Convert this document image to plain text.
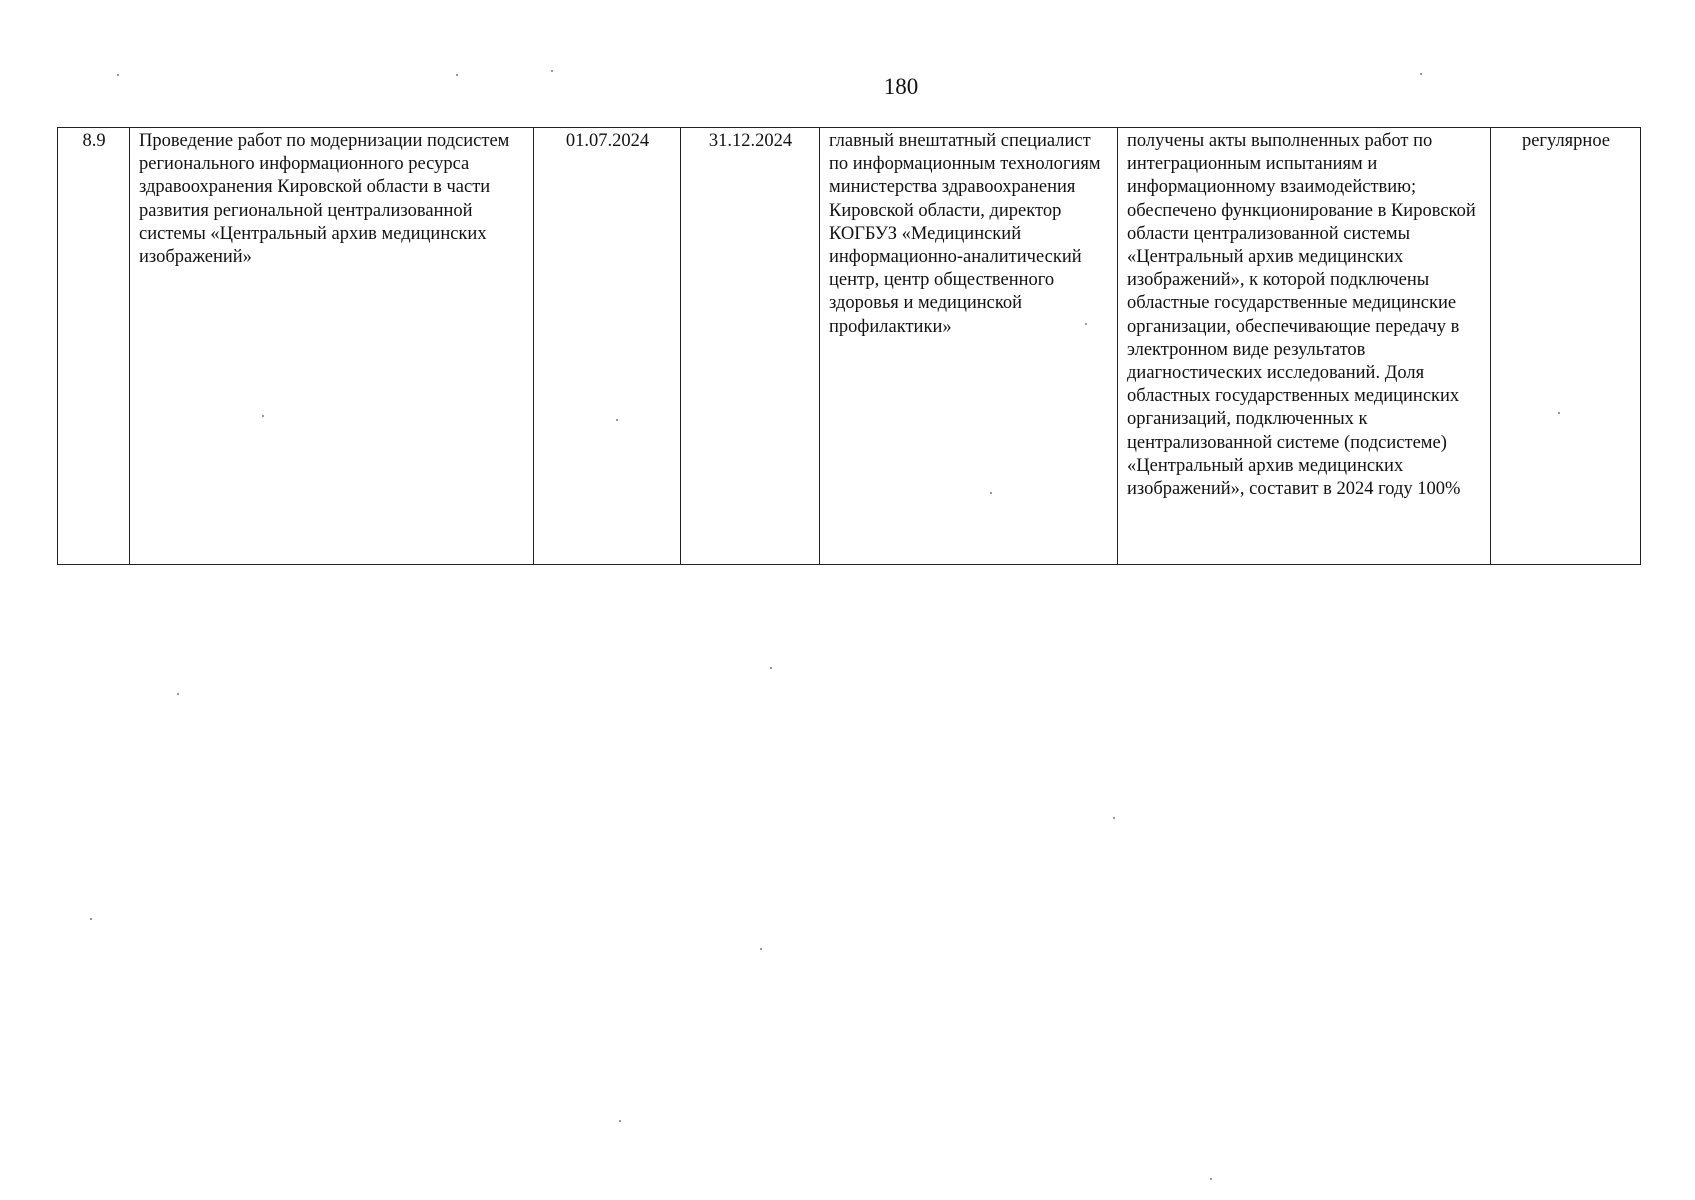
180
8.9	Проведение работ по модернизации подсистем регионального информационного ресурса здравоохранения Кировской области в части развития региональной централизованной системы «Центральный архив медицинских изображений»	01.07.2024	31.12.2024	главный внештатный специалист по информационным технологиям министерства здравоохранения Кировской области, директор КОГБУЗ «Медицинский информационно-аналитический центр, центр общественного здоровья и медицинской профилактики»	получены акты выполненных работ по интеграционным испытаниям и информационному взаимодействию; обеспечено функционирование в Кировской области централизованной системы «Центральный архив медицинских изображений», к которой подключены областные государственные медицинские организации, обеспечивающие передачу в электронном виде результатов диагностических исследований. Доля областных государственных медицинских организаций, подключенных к централизованной системе (подсистеме) «Центральный архив медицинских изображений», составит в 2024 году 100%	регулярное
